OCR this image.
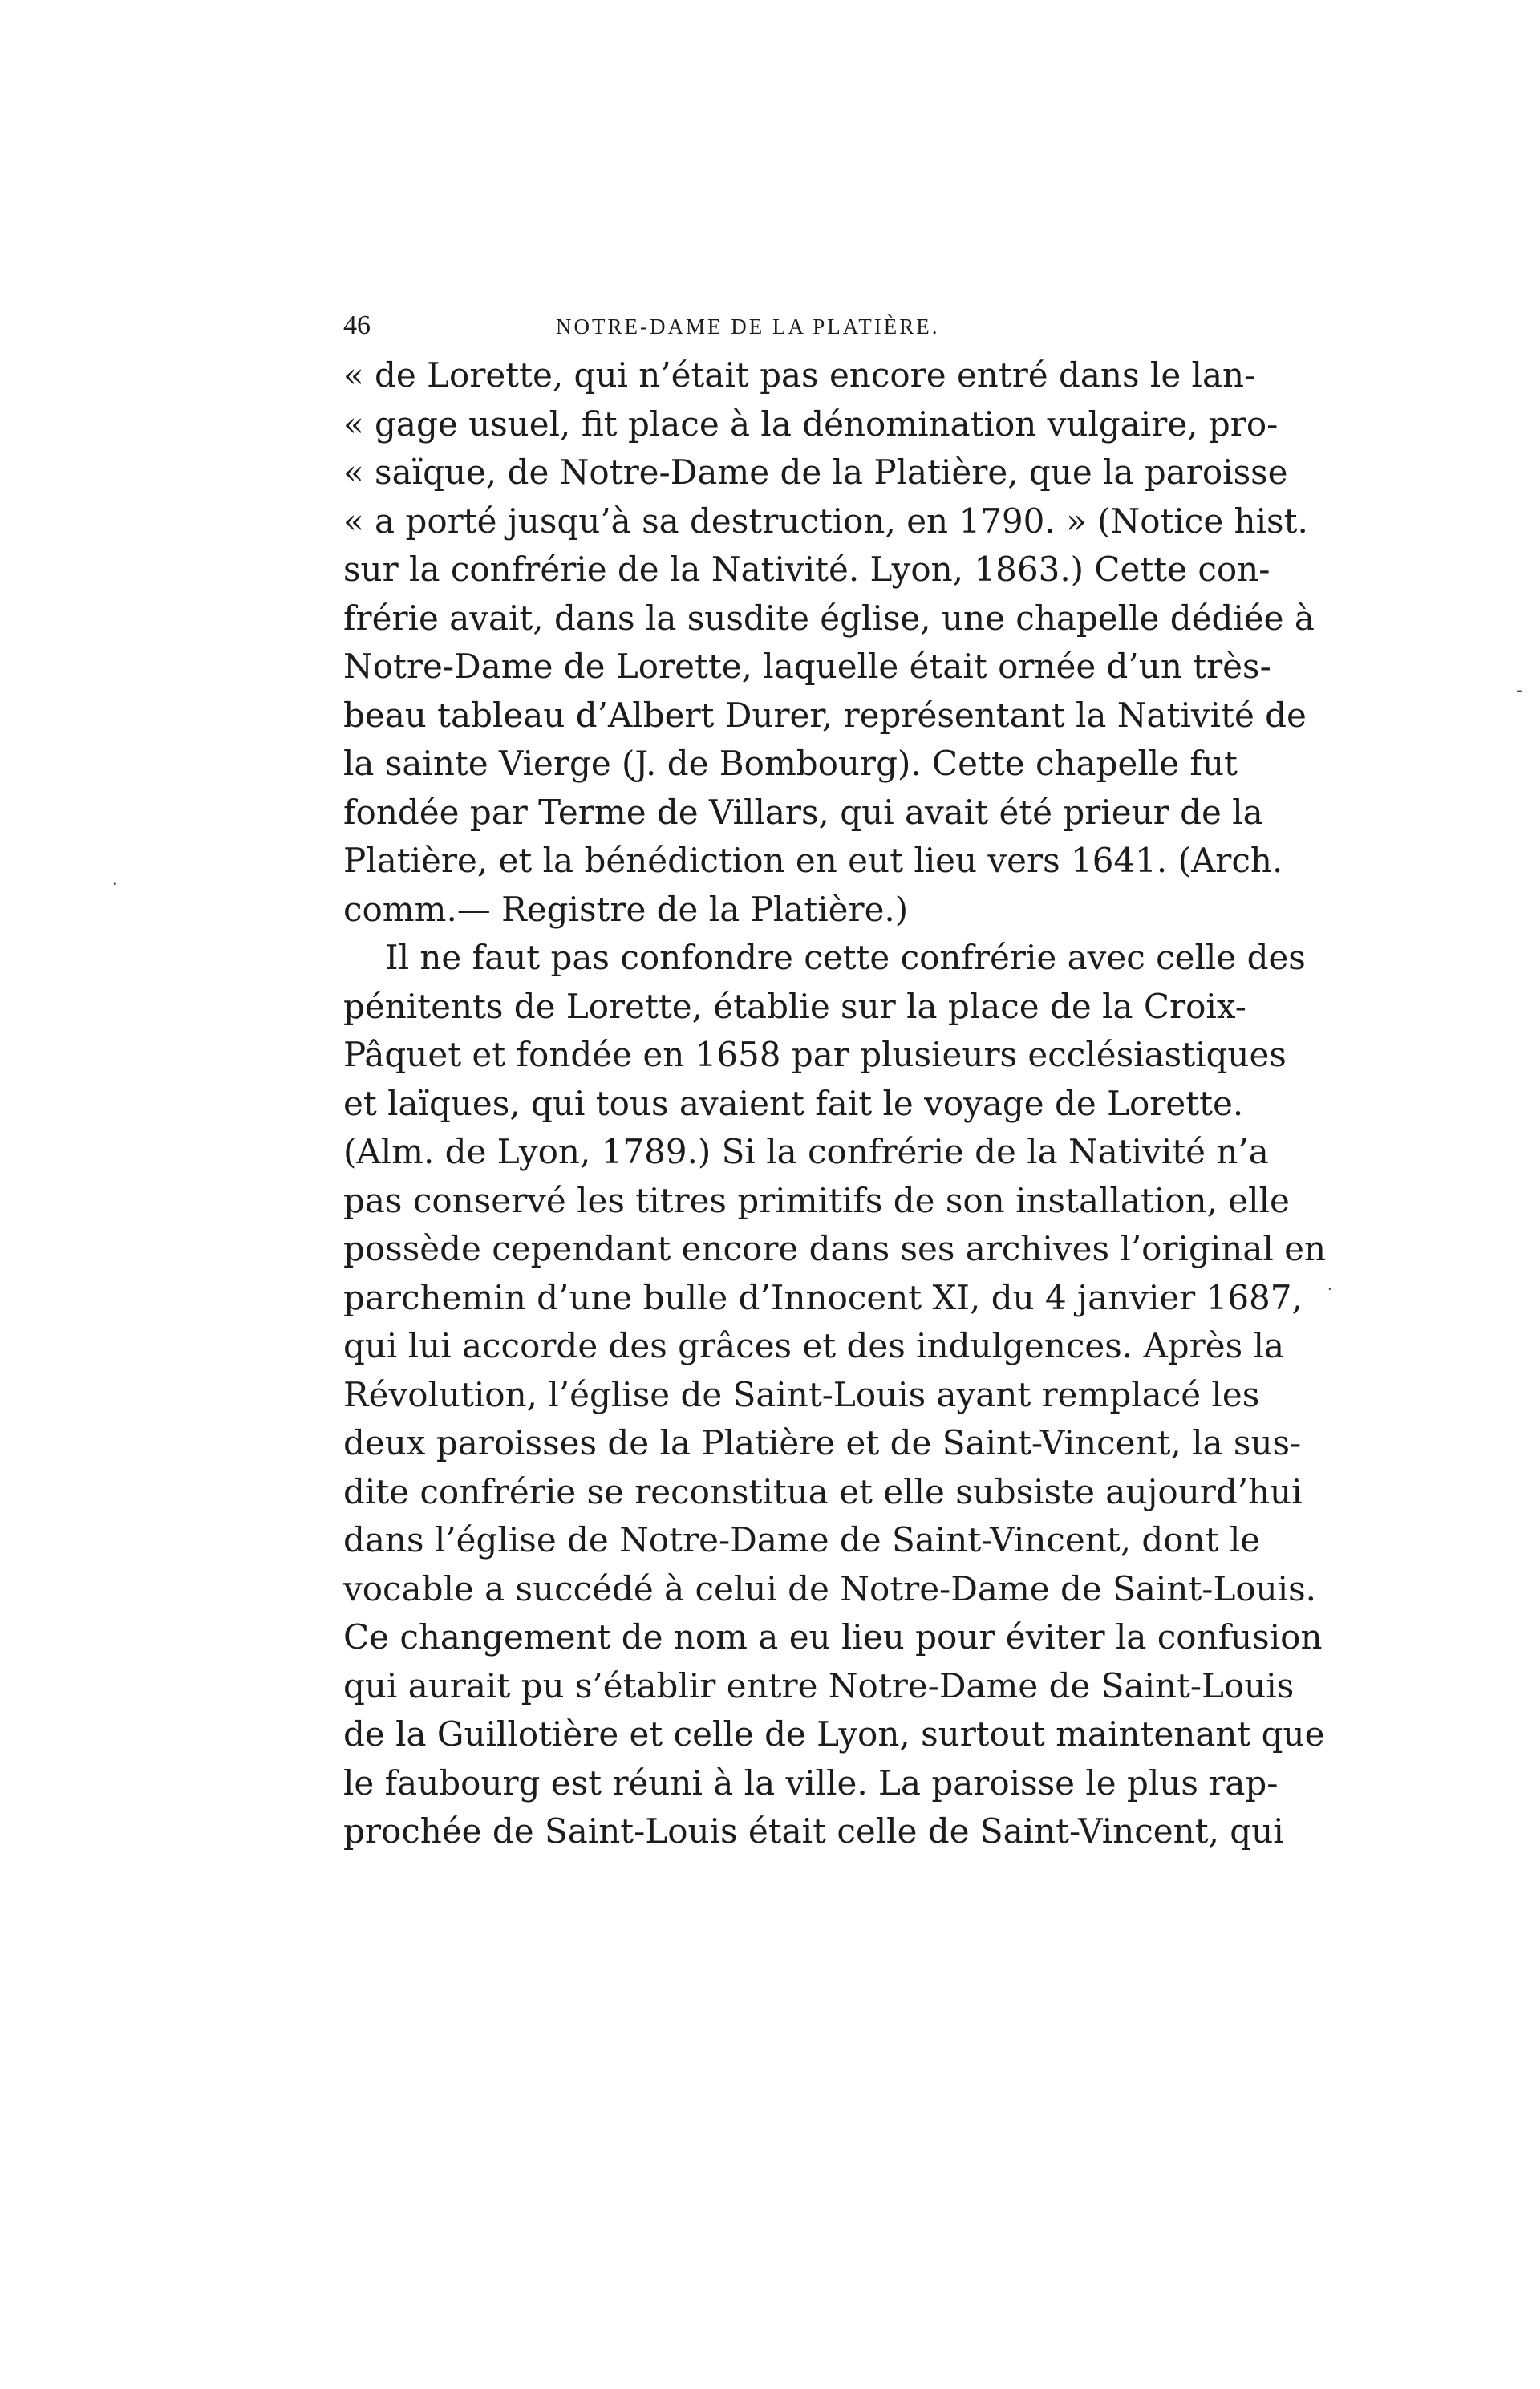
46	NOTRE-DAME DE LA PLATIÈRE.
« de Lorette, qui n’était pas encore entré dans le lan-
« gage usuel, fit place à la dénomination vulgaire, pro-
« saïque, de Notre-Dame de la Platière, que la paroisse
« a porté jusqu’à sa destruction, en 1790. » (Notice hist.
sur la confrérie de la Nativité. Lyon, 1863.) Cette con-
frérie avait, dans la susdite église, une chapelle dédiée à
Notre-Dame de Lorette, laquelle était ornée d’un très-
beau tableau d’Albert Durer, représentant la Nativité de
la sainte Vierge (J. de Bombourg). Cette chapelle fut
fondée par Terme de Villars, qui avait été prieur de la
Platière, et la bénédiction en eut lieu vers 1641. (Arch.
comm.— Registre de la Platière.)
Il ne faut pas confondre cette confrérie avec celle des
pénitents de Lorette, établie sur la place de la Croix-
Pâquet et fondée en 1658 par plusieurs ecclésiastiques
et laïques, qui tous avaient fait le voyage de Lorette.
(Alm. de Lyon, 1789.) Si la confrérie de la Nativité n’a
pas conservé les titres primitifs de son installation, elle
possède cependant encore dans ses archives l’original en
parchemin d’une bulle d’Innocent XI, du 4 janvier 1687,
qui lui accorde des grâces et des indulgences. Après la
Révolution, l’église de Saint-Louis ayant remplacé les
deux paroisses de la Platière et de Saint-Vincent, la sus-
dite confrérie se reconstitua et elle subsiste aujourd’hui
dans l’église de Notre-Dame de Saint-Vincent, dont le
vocable a succédé à celui de Notre-Dame de Saint-Louis.
Ce changement de nom a eu lieu pour éviter la confusion
qui aurait pu s’établir entre Notre-Dame de Saint-Louis
de la Guillotière et celle de Lyon, surtout maintenant que
le faubourg est réuni à la ville. La paroisse le plus rap-
prochée de Saint-Louis était celle de Saint-Vincent, qui
-
.
.
